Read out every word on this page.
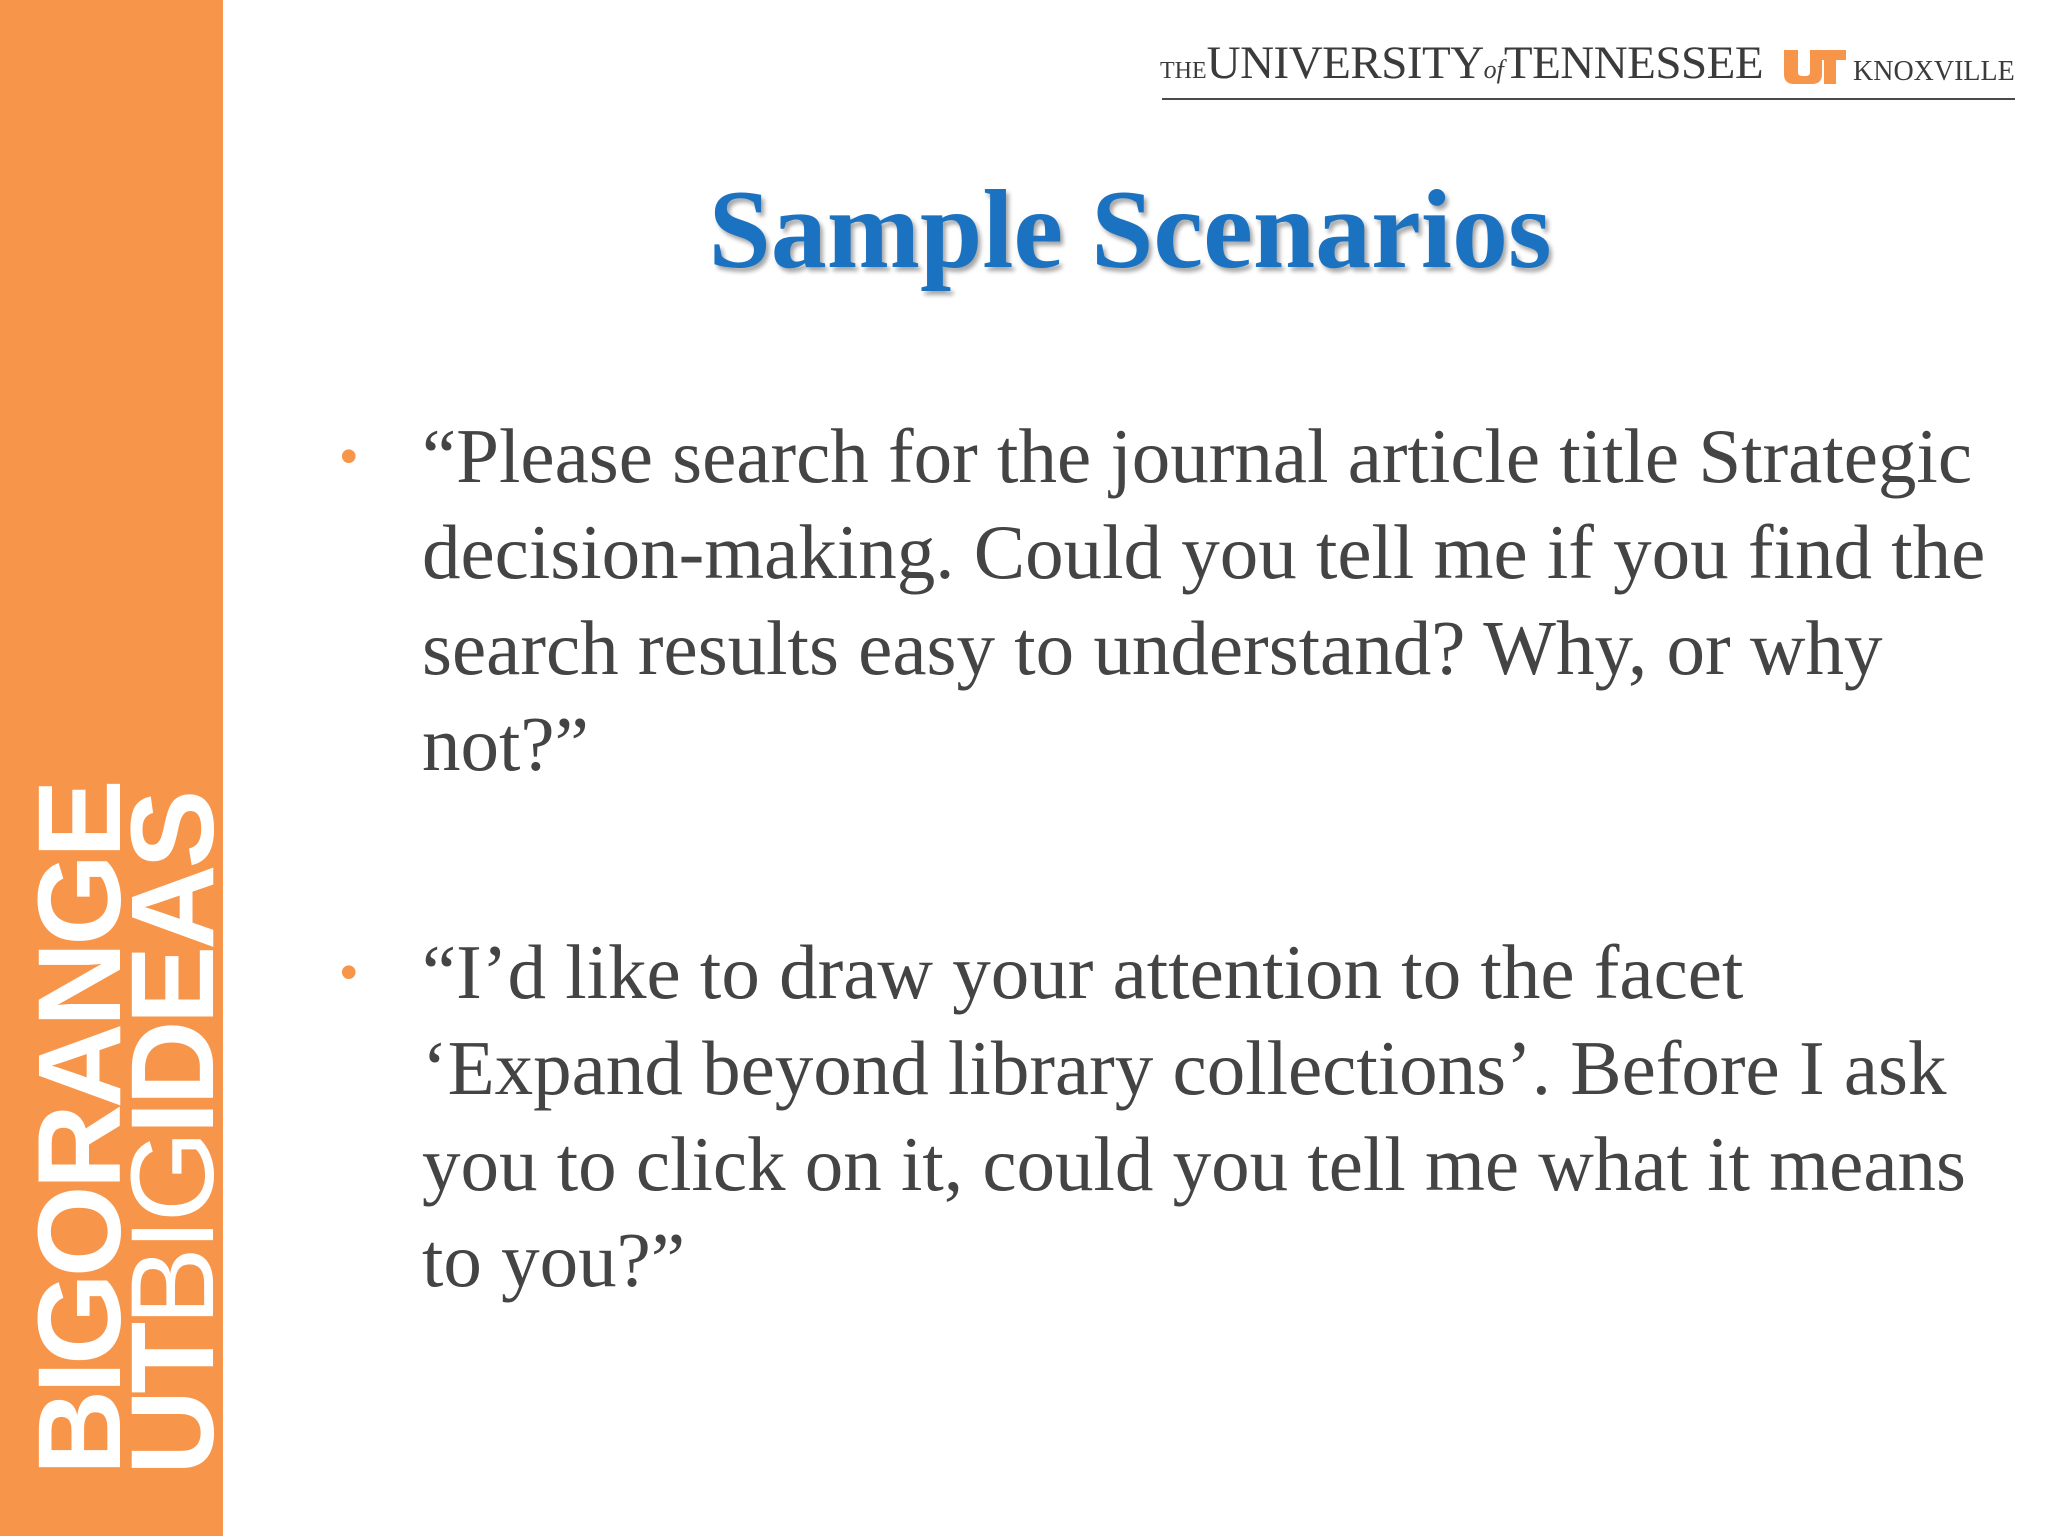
BIGORANGE
UTBIGIDEAS
THEUNIVERSITYofTENNESSEE	KNOXVILLE
Sample Scenarios
• “Please search for the journal article title Strategic decision-making. Could you tell me if you find the search results easy to understand? Why, or why not?”
• “I’d like to draw your attention to the facet ‘Expand beyond library collections’. Before I ask you to click on it, could you tell me what it means to you?”
